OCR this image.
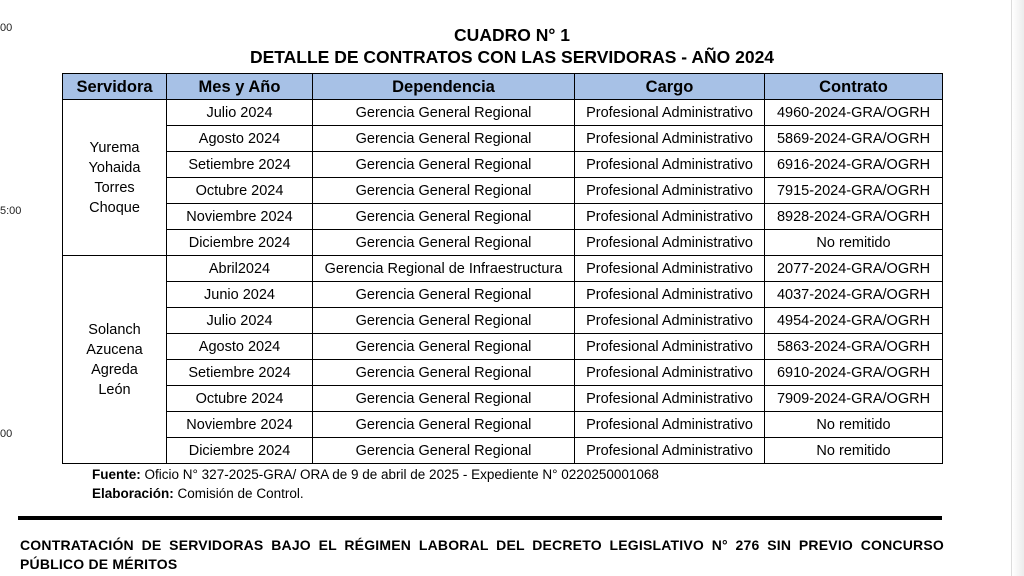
00
5:00
00
CUADRO N° 1
DETALLE DE CONTRATOS CON LAS SERVIDORAS - AÑO 2024
Servidora	Mes y Año	Dependencia	Cargo	Contrato

Yurema
Yohaida
Torres
Choque	Julio 2024	Gerencia General Regional	Profesional Administrativo	4960-2024-GRA/OGRH
	Agosto 2024	Gerencia General Regional	Profesional Administrativo	5869-2024-GRA/OGRH
	Setiembre 2024	Gerencia General Regional	Profesional Administrativo	6916-2024-GRA/OGRH
	Octubre 2024	Gerencia General Regional	Profesional Administrativo	7915-2024-GRA/OGRH
	Noviembre 2024	Gerencia General Regional	Profesional Administrativo	8928-2024-GRA/OGRH
	Diciembre 2024	Gerencia General Regional	Profesional Administrativo	No remitido

Solanch
Azucena
Agreda
León	Abril2024	Gerencia Regional de Infraestructura	Profesional Administrativo	2077-2024-GRA/OGRH
	Junio 2024	Gerencia General Regional	Profesional Administrativo	4037-2024-GRA/OGRH
	Julio 2024	Gerencia General Regional	Profesional Administrativo	4954-2024-GRA/OGRH
	Agosto 2024	Gerencia General Regional	Profesional Administrativo	5863-2024-GRA/OGRH
	Setiembre 2024	Gerencia General Regional	Profesional Administrativo	6910-2024-GRA/OGRH
	Octubre 2024	Gerencia General Regional	Profesional Administrativo	7909-2024-GRA/OGRH
	Noviembre 2024	Gerencia General Regional	Profesional Administrativo	No remitido
	Diciembre 2024	Gerencia General Regional	Profesional Administrativo	No remitido
Fuente: Oficio N° 327-2025-GRA/ ORA de 9 de abril de 2025 - Expediente N° 0220250001068
Elaboración: Comisión de Control.
CONTRATACIÓN DE SERVIDORAS BAJO EL RÉGIMEN LABORAL DEL DECRETO LEGISLATIVO N° 276 SIN PREVIO CONCURSO PÚBLICO DE MÉRITOS
